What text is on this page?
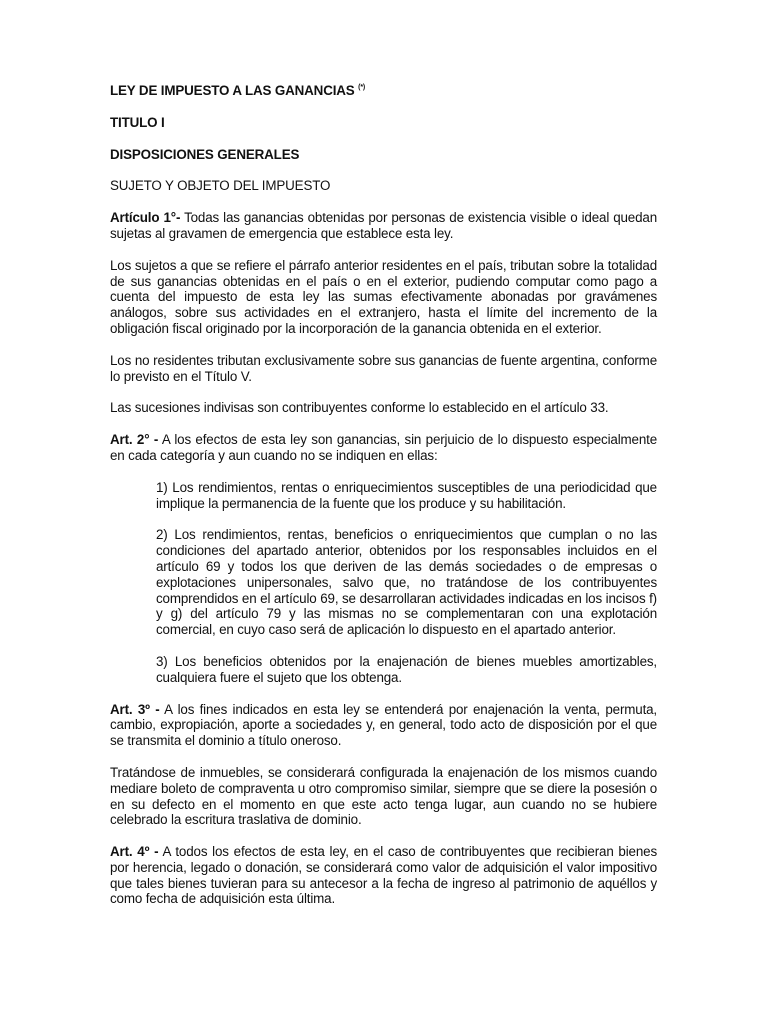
LEY DE IMPUESTO A LAS GANANCIAS (*)

TITULO I

DISPOSICIONES GENERALES

SUJETO Y OBJETO DEL IMPUESTO

Artículo 1°- Todas las ganancias obtenidas por personas de existencia visible o ideal quedan sujetas al gravamen de emergencia que establece esta ley.

Los sujetos a que se refiere el párrafo anterior residentes en el país, tributan sobre la totalidad de sus ganancias obtenidas en el país o en el exterior, pudiendo computar como pago a cuenta del impuesto de esta ley las sumas efectivamente abonadas por gravámenes análogos, sobre sus actividades en el extranjero, hasta el límite del incremento de la obligación fiscal originado por la incorporación de la ganancia obtenida en el exterior.

Los no residentes tributan exclusivamente sobre sus ganancias de fuente argentina, conforme lo previsto en el Título V.

Las sucesiones indivisas son contribuyentes conforme lo establecido en el artículo 33.

Art. 2° - A los efectos de esta ley son ganancias, sin perjuicio de lo dispuesto especialmente en cada categoría y aun cuando no se indiquen en ellas:

1) Los rendimientos, rentas o enriquecimientos susceptibles de una periodicidad que implique la permanencia de la fuente que los produce y su habilitación.

2) Los rendimientos, rentas, beneficios o enriquecimientos que cumplan o no las condiciones del apartado anterior, obtenidos por los responsables incluidos en el artículo 69 y todos los que deriven de las demás sociedades o de empresas o explotaciones unipersonales, salvo que, no tratándose de los contribuyentes comprendidos en el artículo 69, se desarrollaran actividades indicadas en los incisos f) y g) del artículo 79 y las mismas no se complementaran con una explotación comercial, en cuyo caso será de aplicación lo dispuesto en el apartado anterior.

3) Los beneficios obtenidos por la enajenación de bienes muebles amortizables, cualquiera fuere el sujeto que los obtenga.

Art. 3º - A los fines indicados en esta ley se entenderá por enajenación la venta, permuta, cambio, expropiación, aporte a sociedades y, en general, todo acto de disposición por el que se transmita el dominio a título oneroso.

Tratándose de inmuebles, se considerará configurada la enajenación de los mismos cuando mediare boleto de compraventa u otro compromiso similar, siempre que se diere la posesión o en su defecto en el momento en que este acto tenga lugar, aun cuando no se hubiere celebrado la escritura traslativa de dominio.

Art. 4º - A todos los efectos de esta ley, en el caso de contribuyentes que recibieran bienes por herencia, legado o donación, se considerará como valor de adquisición el valor impositivo que tales bienes tuvieran para su antecesor a la fecha de ingreso al patrimonio de aquéllos y como fecha de adquisición esta última.
